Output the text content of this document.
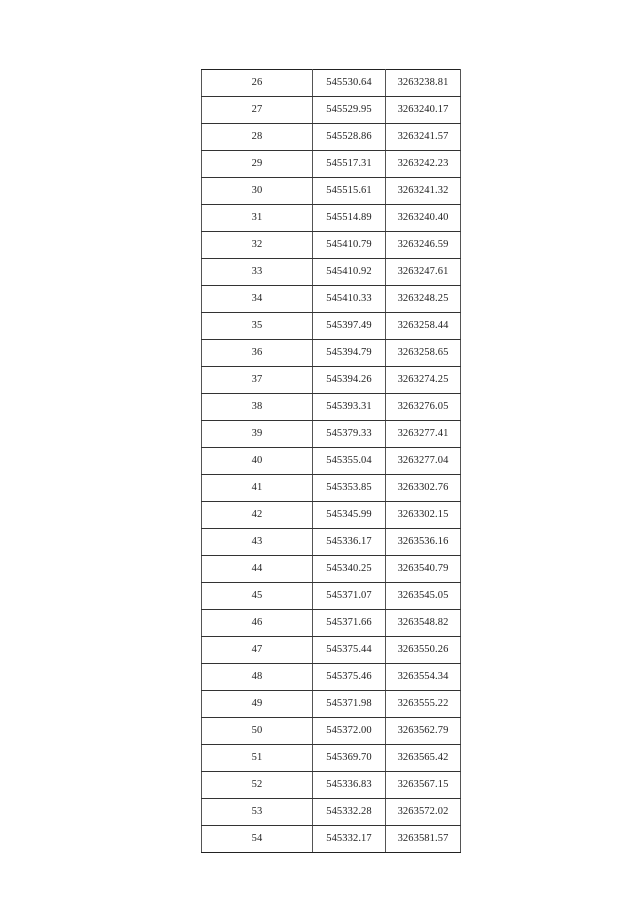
26	545530.64	3263238.81
27	545529.95	3263240.17
28	545528.86	3263241.57
29	545517.31	3263242.23
30	545515.61	3263241.32
31	545514.89	3263240.40
32	545410.79	3263246.59
33	545410.92	3263247.61
34	545410.33	3263248.25
35	545397.49	3263258.44
36	545394.79	3263258.65
37	545394.26	3263274.25
38	545393.31	3263276.05
39	545379.33	3263277.41
40	545355.04	3263277.04
41	545353.85	3263302.76
42	545345.99	3263302.15
43	545336.17	3263536.16
44	545340.25	3263540.79
45	545371.07	3263545.05
46	545371.66	3263548.82
47	545375.44	3263550.26
48	545375.46	3263554.34
49	545371.98	3263555.22
50	545372.00	3263562.79
51	545369.70	3263565.42
52	545336.83	3263567.15
53	545332.28	3263572.02
54	545332.17	3263581.57
